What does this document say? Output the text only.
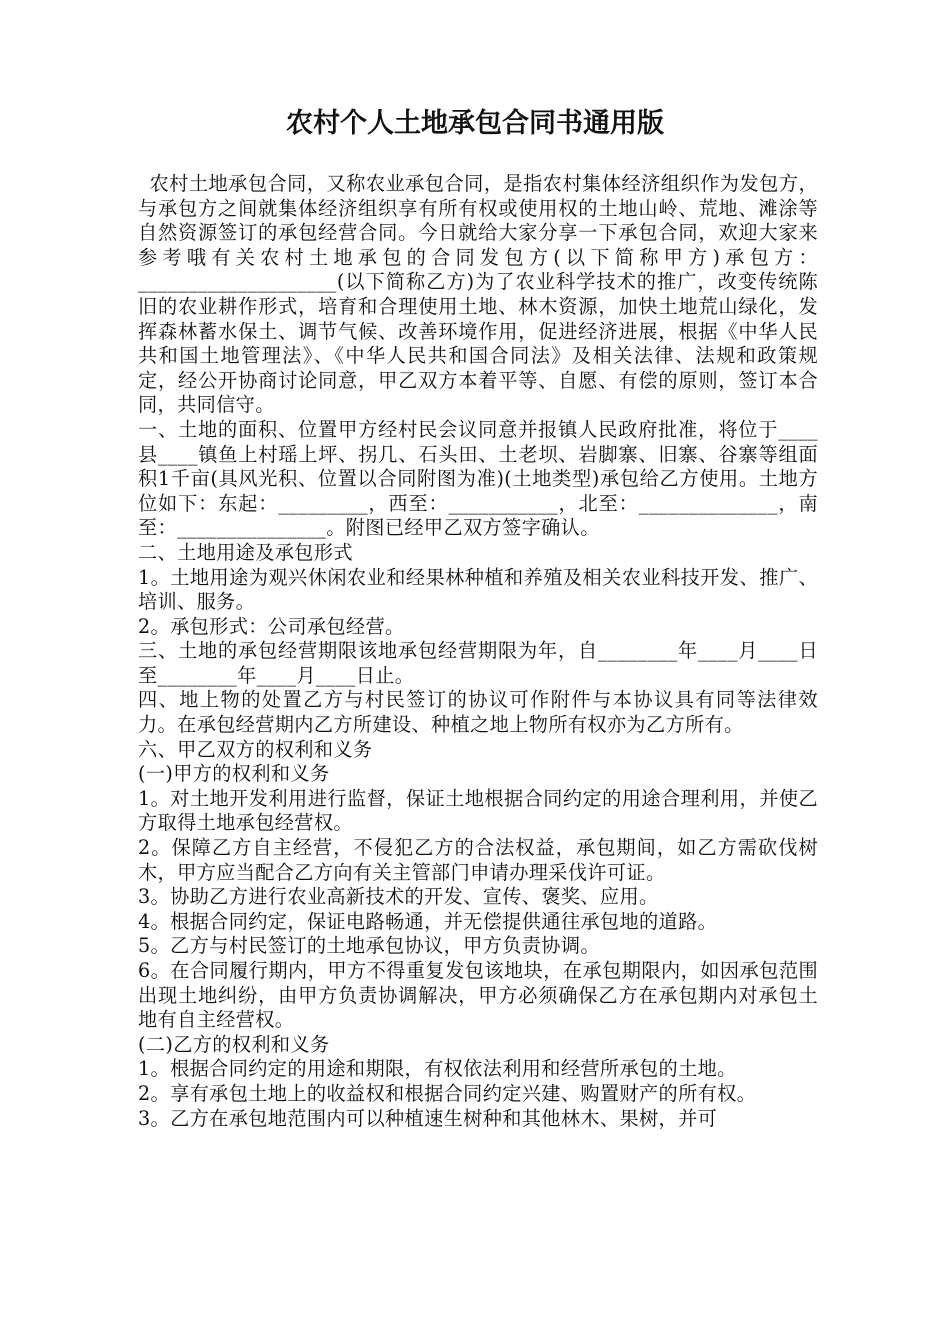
农村个人土地承包合同书通用版

农村土地承包合同，又称农业承包合同，是指农村集体经济组织作为发包方，与承包方之间就集体经济组织享有所有权或使用权的土地山岭、荒地、滩涂等自然资源签订的承包经营合同。今日就给大家分享一下承包合同，欢迎大家来参考哦有关农村土地承包的合同发包方(以下简称甲方)承包方：____________________(以下简称乙方)为了农业科学技术的推广，改变传统陈旧的农业耕作形式，培育和合理使用土地、林木资源，加快土地荒山绿化，发挥森林蓄水保土、调节气候、改善环境作用，促进经济进展，根据《中华人民共和国土地管理法》、《中华人民共和国合同法》及相关法律、法规和政策规定，经公开协商讨论同意，甲乙双方本着平等、自愿、有偿的原则，签订本合同，共同信守。

一、土地的面积、位置甲方经村民会议同意并报镇人民政府批准，将位于____县____镇鱼上村瑶上坪、拐几、石头田、土老坝、岩脚寨、旧寨、谷寨等组面积1千亩(具风光积、位置以合同附图为准)(土地类型)承包给乙方使用。土地方位如下：东起：_________，西至：___________，北至：______________，南至：_______________。附图已经甲乙双方签字确认。

二、土地用途及承包形式

1。土地用途为观兴休闲农业和经果林种植和养殖及相关农业科技开发、推广、培训、服务。

2。承包形式：公司承包经营。

三、土地的承包经营期限该地承包经营期限为年，自________年____月____日至________年____月____日止。

四、地上物的处置乙方与村民签订的协议可作附件与本协议具有同等法律效力。在承包经营期内乙方所建设、种植之地上物所有权亦为乙方所有。

六、甲乙双方的权利和义务

(一)甲方的权利和义务

1。对土地开发利用进行监督，保证土地根据合同约定的用途合理利用，并使乙方取得土地承包经营权。

2。保障乙方自主经营，不侵犯乙方的合法权益，承包期间，如乙方需砍伐树木，甲方应当配合乙方向有关主管部门申请办理采伐许可证。

3。协助乙方进行农业高新技术的开发、宣传、褒奖、应用。

4。根据合同约定，保证电路畅通，并无偿提供通往承包地的道路。

5。乙方与村民签订的土地承包协议，甲方负责协调。

6。在合同履行期内，甲方不得重复发包该地块，在承包期限内，如因承包范围出现土地纠纷，由甲方负责协调解决，甲方必须确保乙方在承包期内对承包土地有自主经营权。

(二)乙方的权利和义务

1。根据合同约定的用途和期限，有权依法利用和经营所承包的土地。

2。享有承包土地上的收益权和根据合同约定兴建、购置财产的所有权。

3。乙方在承包地范围内可以种植速生树种和其他林木、果树，并可
